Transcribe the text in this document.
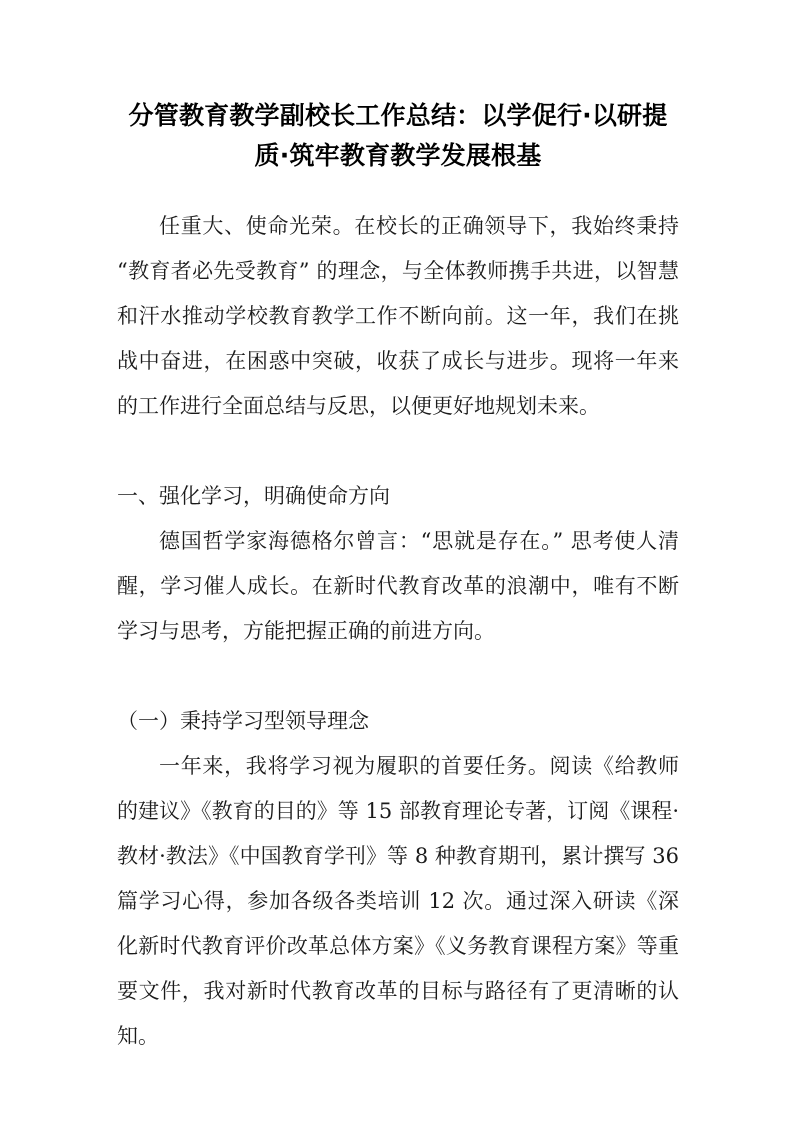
分管教育教学副校长工作总结：以学促行·以研提
质·筑牢教育教学发展根基

任重大、使命光荣。在校长的正确领导下，我始终秉持“教育者必先受教育” 的理念，与全体教师携手共进，以智慧和汗水推动学校教育教学工作不断向前。这一年，我们在挑战中奋进，在困惑中突破，收获了成长与进步。现将一年来的工作进行全面总结与反思，以便更好地规划未来。

一、强化学习，明确使命方向

德国哲学家海德格尔曾言：“思就是存在。” 思考使人清醒，学习催人成长。在新时代教育改革的浪潮中，唯有不断学习与思考，方能把握正确的前进方向。

（一）秉持学习型领导理念

一年来，我将学习视为履职的首要任务。阅读《给教师的建议》《教育的目的》等 15 部教育理论专著，订阅《课程·教材·教法》《中国教育学刊》等 8 种教育期刊，累计撰写 36 篇学习心得，参加各级各类培训 12 次。通过深入研读《深化新时代教育评价改革总体方案》《义务教育课程方案》等重要文件，我对新时代教育改革的目标与路径有了更清晰的认知。
